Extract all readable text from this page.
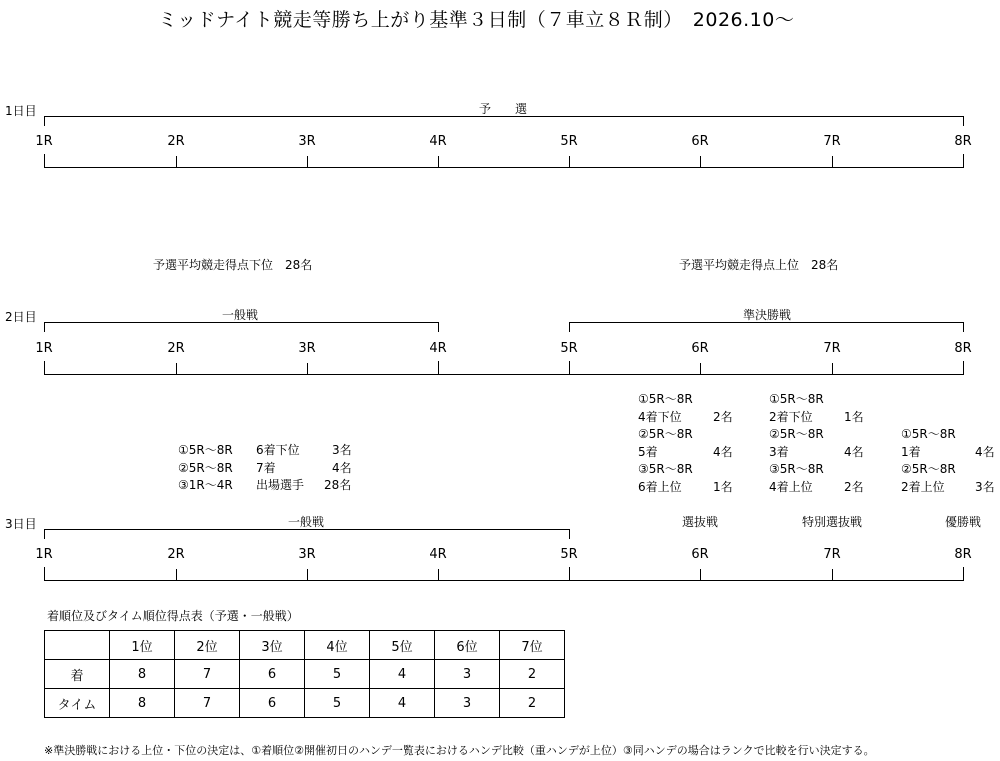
ミッドナイト競走等勝ち上がり基準３日制（７車立８Ｒ制）　2026.10～
1日目	予　　選
1R	2R	3R	4R	5R	6R	7R	8R
予選平均競走得点下位　28名	予選平均競走得点上位　28名
2日目	一般戦	準決勝戦
1R	2R	3R	4R	5R	6R	7R	8R
①5R～8R 6着下位	3名
②5R～8R 7着	4名
③1R～4R 出場選手 28名
①5R～8R
4着下位	2名
②5R～8R
5着	4名
③5R～8R
6着上位	1名
①5R～8R
2着下位	1名
②5R～8R
3着	4名
③5R～8R
4着上位	2名
①5R～8R
1着	4名
②5R～8R
2着上位	3名
3日目	一般戦	選抜戦	特別選抜戦	優勝戦
1R	2R	3R	4R	5R	6R	7R	8R
着順位及びタイム順位得点表（予選・一般戦）
	1位	2位	3位	4位	5位	6位	7位
着	8	7	6	5	4	3	2
タイム	8	7	6	5	4	3	2
※準決勝戦における上位・下位の決定は、①着順位②開催初日のハンデ一覧表におけるハンデ比較（重ハンデが上位）③同ハンデの場合はランクで比較を行い決定する。
